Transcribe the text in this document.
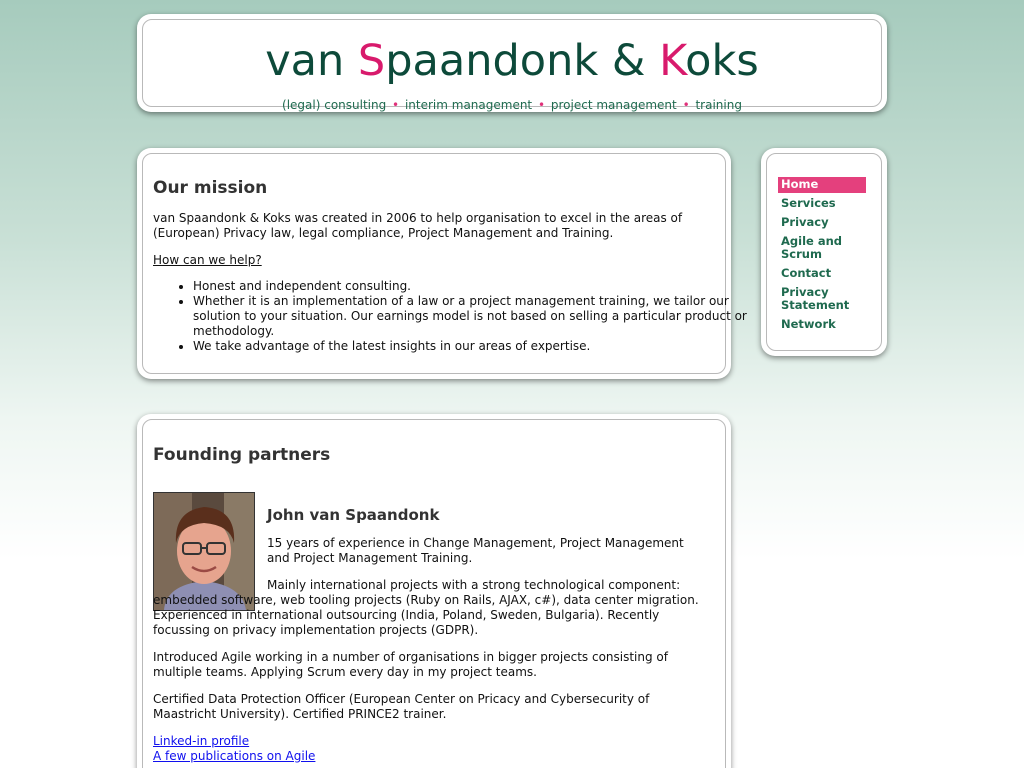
van Spaandonk & Koks
(legal) consulting • interim management • project management • training
Our mission

van Spaandonk & Koks was created in 2006 to help organisation to excel in the areas of (European) Privacy law, legal compliance, Project Management and Training.

How can we help?

• Honest and independent consulting.
• Whether it is an implementation of a law or a project management training, we tailor our solution to your situation. Our earnings model is not based on selling a particular product or methodology.
• We take advantage of the latest insights in our areas of expertise.
Home
Services
Privacy
Agile and Scrum
Contact
Privacy Statement
Network
Founding partners
John van Spaandonk

15 years of experience in Change Management, Project Management and Project Management Training.

Mainly international projects with a strong technological component: embedded software, web tooling projects (Ruby on Rails, AJAX, c#), data center migration. Experienced in international outsourcing (India, Poland, Sweden, Bulgaria). Recently focussing on privacy implementation projects (GDPR).

Introduced Agile working in a number of organisations in bigger projects consisting of multiple teams. Applying Scrum every day in my project teams.

Certified Data Protection Officer (European Center on Pricacy and Cybersecurity of Maastricht University). Certified PRINCE2 trainer.

Linked-in profile
A few publications on Agile
